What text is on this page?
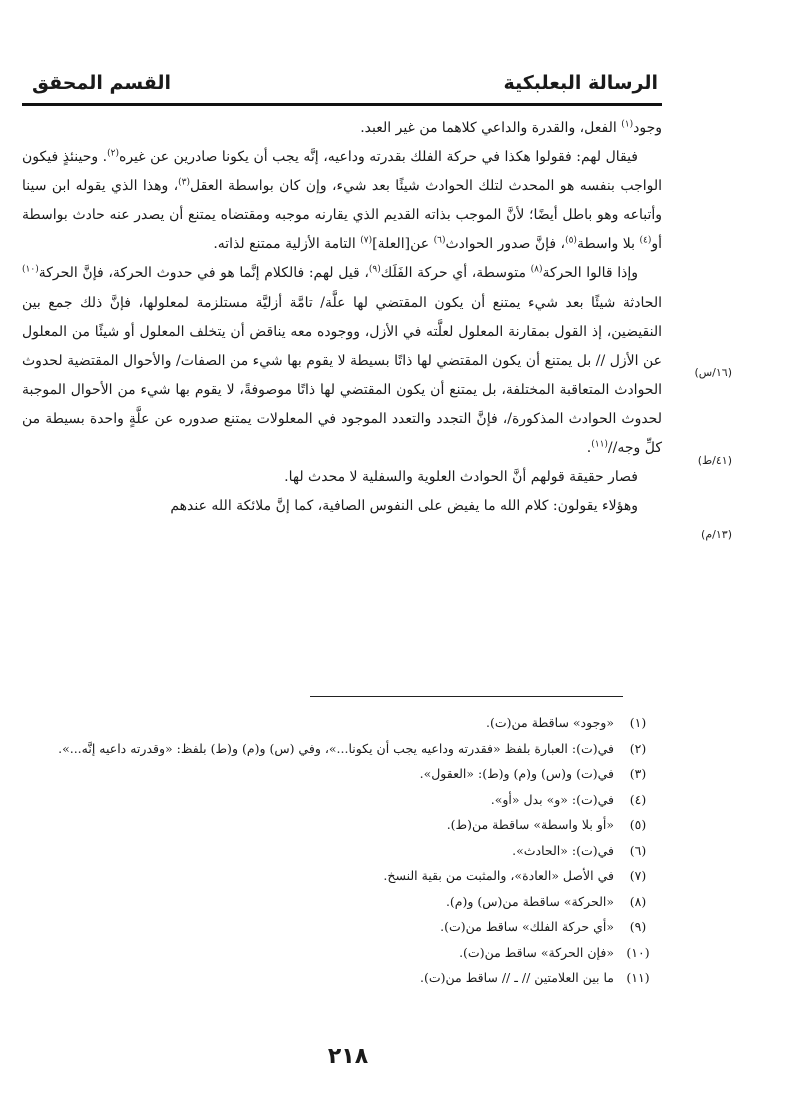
الرسالة البعلبكية
القسم المحقق

وجود$^{(١)}$ الفعل، والقدرة والداعي كلاهما من غير العبد.

فيقال لهم: فقولوا هكذا في حركة الفلك بقدرته وداعيه، إنَّه يجب أن يكونا صادرين عن غيره$^{(٢)}$. وحينئذٍ فيكون الواجب بنفسه هو المحدث لتلك الحوادث شيئًا بعد شيء، وإن كان بواسطة العقل$^{(٣)}$، وهذا الذي يقوله ابن سينا وأتباعه وهو باطل أيضًا؛ لأنَّ الموجب بذاته القديم الذي يقارنه موجبه ومقتضاه يمتنع أن يصدر عنه حادث بواسطة أو$^{(٤)}$ بلا واسطة$^{(٥)}$، فإنَّ صدور الحوادث$^{(٦)}$ عن[العلة]$^{(٧)}$ التامة الأزلية ممتنع لذاته.

وإذا قالوا الحركة$^{(٨)}$ متوسطة، أي حركة الفَلَك$^{(٩)}$، قيل لهم: فالكلام إنَّما هو في حدوث الحركة، فإنَّ الحركة$^{(١٠)}$ الحادثة شيئًا بعد شيء يمتنع أن يكون المقتضي لها علَّة/ تامَّة أزليَّة مستلزمة لمعلولها، فإنَّ ذلك جمع بين النقيضين، إذ القول بمقارنة المعلول لعلَّته في الأزل، ووجوده معه يناقض أن يتخلف المعلول أو شيئًا من المعلول عن الأزل // بل يمتنع أن يكون المقتضي لها ذاتًا بسيطة لا يقوم بها شيء من الصفات/ والأحوال المقتضية لحدوث الحوادث المتعاقبة المختلفة، بل يمتنع أن يكون المقتضي لها ذاتًا موصوفةً، لا يقوم بها شيء من الأحوال الموجبة لحدوث الحوادث المذكورة/، فإنَّ التجدد والتعدد الموجود في المعلولات يمتنع صدوره عن علَّةٍ واحدة بسيطة من كلِّ وجه//$^{(١١)}$.

فصار حقيقة قولهم أنَّ الحوادث العلوية والسفلية لا محدث لها.

وهؤلاء يقولون: كلام الله ما يفيض على النفوس الصافية، كما إنَّ ملائكة الله عندهم

(١٦/س)
(٤١/ط)
(١٣/م)
(١)
«وجود» ساقطة من(ت).
(٢)
في(ت): العبارة بلفظ «فقدرته وداعيه يجب أن يكونا...»، وفي (س) و(م) و(ط) بلفظ: «وقدرته داعيه إنَّه...».
(٣)
في(ت) و(س) و(م) و(ط): «العقول».
(٤)
في(ت): «و» بدل «أو».
(٥)
«أو بلا واسطة» ساقطة من(ط).
(٦)
في(ت): «الحادث».
(٧)
في الأصل «العادة»، والمثبت من بقية النسخ.
(٨)
«الحركة» ساقطة من(س) و(م).
(٩)
«أي حركة الفلك» ساقط من(ت).
(١٠)
«فإن الحركة» ساقط من(ت).
(١١)
ما بين العلامتين // ـ // ساقط من(ت).
٢١٨
